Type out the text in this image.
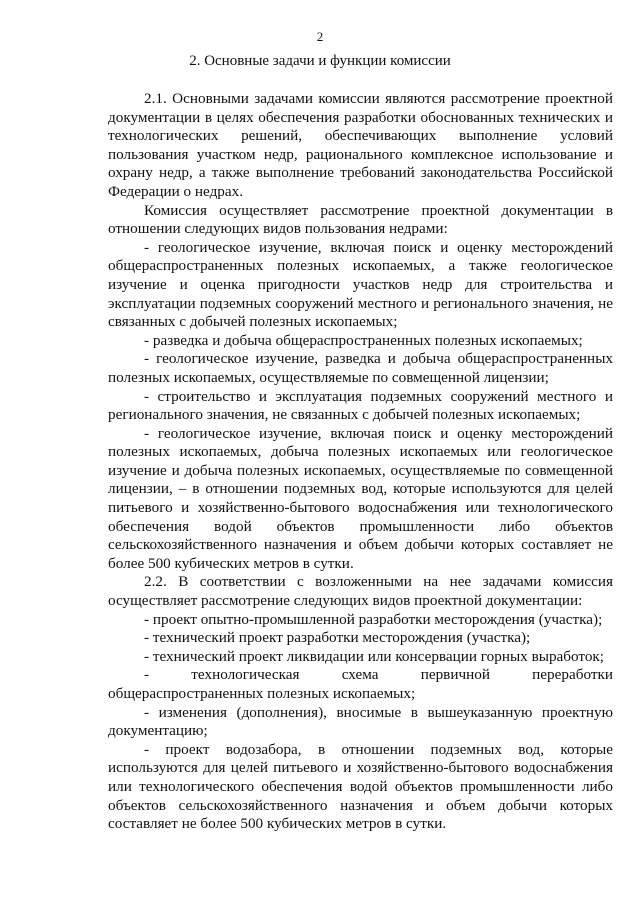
2
2. Основные задачи и функции комиссии

2.1. Основными задачами комиссии являются рассмотрение проектной документации в целях обеспечения разработки обоснованных технических и технологических решений, обеспечивающих выполнение условий пользования участком недр, рационального комплексное использование и охрану недр, а также выполнение требований законодательства Российской Федерации о недрах.

Комиссия осуществляет рассмотрение проектной документации в отношении следующих видов пользования недрами:

- геологическое изучение, включая поиск и оценку месторождений общераспространенных полезных ископаемых, а также геологическое изучение и оценка пригодности участков недр для строительства и эксплуатации подземных сооружений местного и регионального значения, не связанных с добычей полезных ископаемых;

- разведка и добыча общераспространенных полезных ископаемых;

- геологическое изучение, разведка и добыча общераспространенных полезных ископаемых, осуществляемые по совмещенной лицензии;

- строительство и эксплуатация подземных сооружений местного и регионального значения, не связанных с добычей полезных ископаемых;

- геологическое изучение, включая поиск и оценку месторождений полезных ископаемых, добыча полезных ископаемых или геологическое изучение и добыча полезных ископаемых, осуществляемые по совмещенной лицензии, – в отношении подземных вод, которые используются для целей питьевого и хозяйственно-бытового водоснабжения или технологического обеспечения водой объектов промышленности либо объектов сельскохозяйственного назначения и объем добычи которых составляет не более 500 кубических метров в сутки.

2.2. В соответствии с возложенными на нее задачами комиссия осуществляет рассмотрение следующих видов проектной документации:

- проект опытно-промышленной разработки месторождения (участка);

- технический проект разработки месторождения (участка);

- технический проект ликвидации или консервации горных выработок;

- технологическая схема первичной переработки общераспространенных полезных ископаемых;

- изменения (дополнения), вносимые в вышеуказанную проектную документацию;

- проект водозабора, в отношении подземных вод, которые используются для целей питьевого и хозяйственно-бытового водоснабжения или технологического обеспечения водой объектов промышленности либо объектов сельскохозяйственного назначения и объем добычи которых составляет не более 500 кубических метров в сутки.
